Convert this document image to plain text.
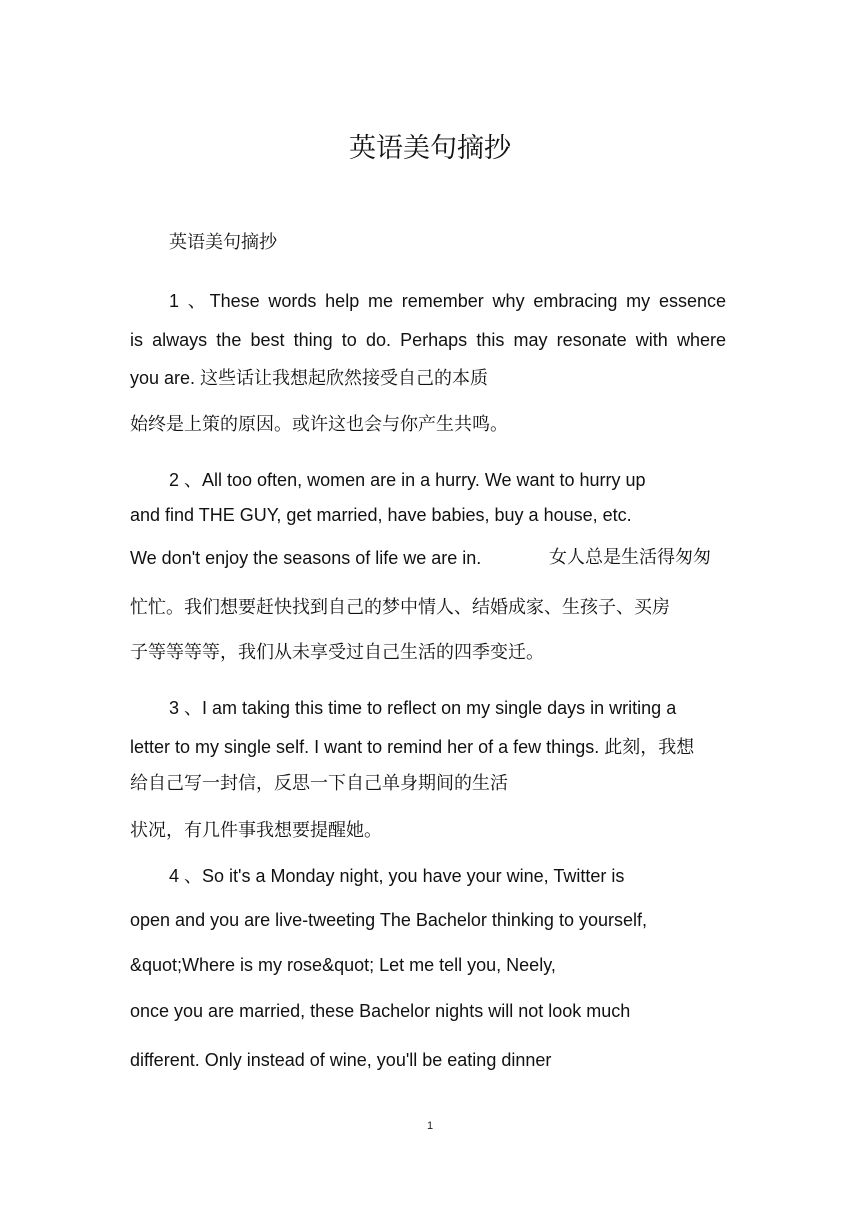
英语美句摘抄
英语美句摘抄
1 、These words help me remember why embracing my essence
is always the best thing to do. Perhaps this may resonate with where
you are. 这些话让我想起欣然接受自己的本质
始终是上策的原因。或许这也会与你产生共鸣。
2 、All too often, women are in a hurry. We want to hurry up
and find THE GUY, get married, have babies, buy a house, etc.
We don't enjoy the seasons of life we are in.	女人总是生活得匆匆
忙忙。我们想要赶快找到自己的梦中情人、结婚成家、生孩子、买房
子等等等等，我们从未享受过自己生活的四季变迁。
3 、I am taking this time to reflect on my single days in writing a
letter to my single self. I want to remind her of a few things. 此刻，我想
给自己写一封信，反思一下自己单身期间的生活
状况，有几件事我想要提醒她。
4 、So it's a Monday night, you have your wine, Twitter is
open and you are live-tweeting The Bachelor thinking to yourself,
&quot;Where is my rose&quot; Let me tell you, Neely,
once you are married, these Bachelor nights will not look much
different. Only instead of wine, you'll be eating dinner
1
